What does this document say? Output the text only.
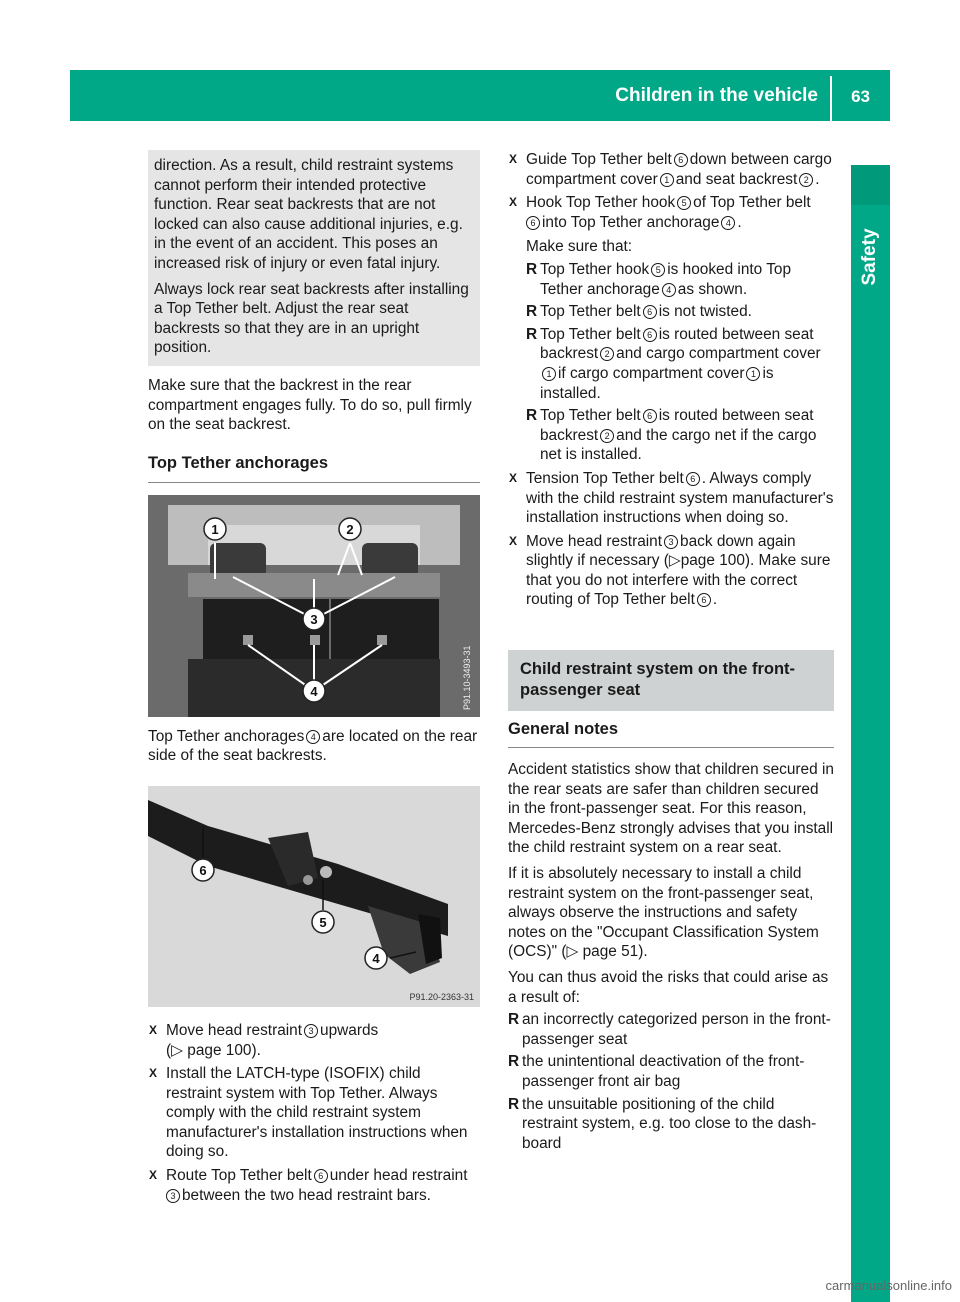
Children in the vehicle 63
Safety

direction. As a result, child restraint systems cannot perform their intended protective function. Rear seat backrests that are not locked can also cause additional injuries, e.g. in the event of an accident. This poses an increased risk of injury or even fatal injury.

Always lock rear seat backrests after installing a Top Tether belt. Adjust the rear seat backrests so that they are in an upright position.

Make sure that the backrest in the rear compartment engages fully. To do so, pull firmly on the seat backrest.

Top Tether anchorages
1	2
3
4	P91.10-3493-31

Top Tether anchorages 4 are located on the rear side of the seat backrests.

6
5
4
P91.20-2363-31
X Move head restraint 3 upwards
(▷ page 100).
X Install the LATCH-type (ISOFIX) child restraint system with Top Tether. Always comply with the child restraint system manufacturer's installation instructions when doing so.
X Route Top Tether belt 6 under head restraint
3 between the two head restraint bars.
X Guide Top Tether belt 6 down between cargo compartment cover 1 and seat backrest 2 .
X Hook Top Tether hook 5 of Top Tether belt
6 into Top Tether anchorage 4 .

Make sure that:

R Top Tether hook 5 is hooked into Top Tether anchorage 4 as shown.
R Top Tether belt 6 is not twisted.
R Top Tether belt 6 is routed between seat backrest 2 and cargo compartment cover1 if cargo compartment cover 1 is installed.
R Top Tether belt 6 is routed between seat backrest 2 and the cargo net if the cargo net is installed.
X Tension Top Tether belt 6 . Always comply with the child restraint system manufacturer's installation instructions when doing so.
X Move head restraint 3 back down again slightly if necessary (▷page 100). Make sure that you do not interfere with the correct routing of Top Tether belt 6 .
Child restraint system on the front-passenger seat
General notes

Accident statistics show that children secured in the rear seats are safer than children secured in the front-passenger seat. For this reason, Mercedes-Benz strongly advises that you install the child restraint system on a rear seat.

If it is absolutely necessary to install a child restraint system on the front-passenger seat, always observe the instructions and safety notes on the "Occupant Classification System (OCS)" (▷ page 51).

You can thus avoid the risks that could arise as a result of:

R an incorrectly categorized person in the front-passenger seat
R the unintentional deactivation of the front-passenger front air bag
R the unsuitable positioning of the child restraint system, e.g. too close to the dash-board
carmanualsonline.info
